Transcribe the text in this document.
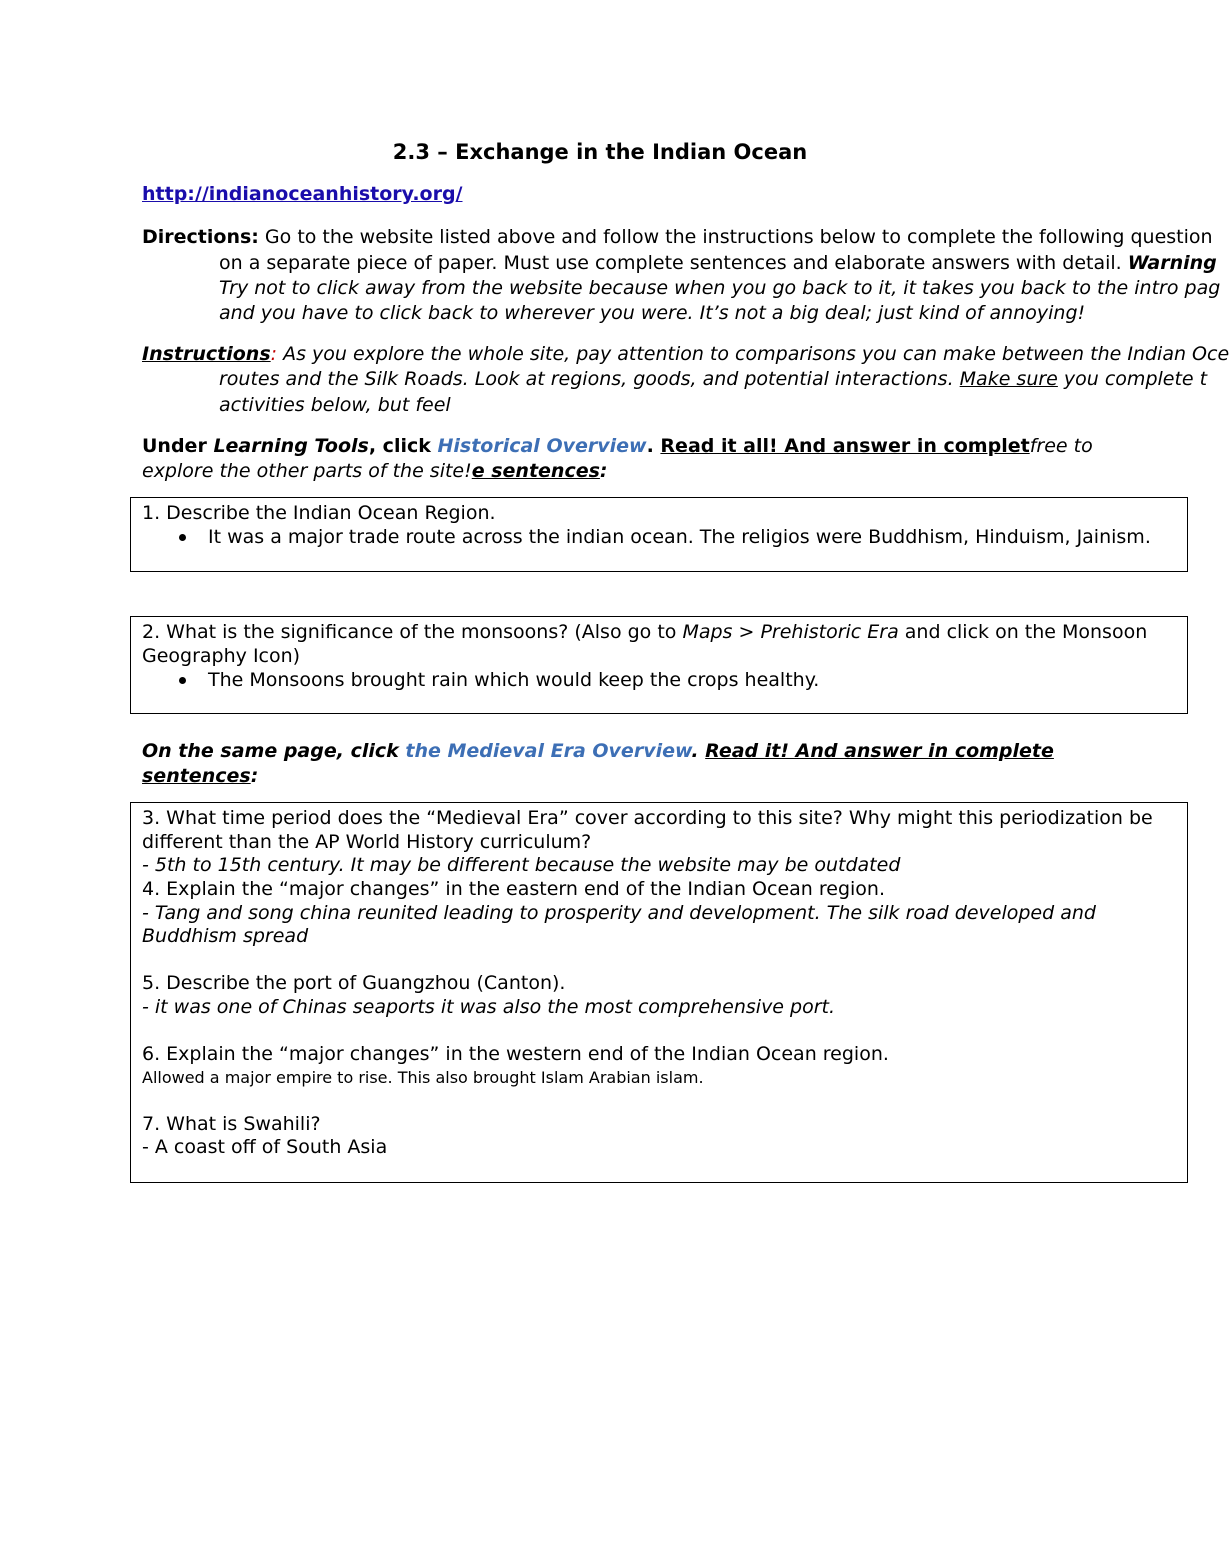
2.3 – Exchange in the Indian Ocean
http://indianoceanhistory.org/
Directions: Go to the website listed above and follow the instructions below to complete the following question
on a separate piece of paper. Must use complete sentences and elaborate answers with detail. Warning
Try not to click away from the website because when you go back to it, it takes you back to the intro pag
and you have to click back to wherever you were. It’s not a big deal; just kind of annoying!
Instructions: As you explore the whole site, pay attention to comparisons you can make between the Indian Oce
routes and the Silk Roads. Look at regions, goods, and potential interactions. Make sure you complete t
activities below, but feel
Under Learning Tools, click Historical Overview. Read it all! And answer in completfree to
explore the other parts of the site!e sentences:
1. Describe the Indian Ocean Region.
It was a major trade route across the indian ocean. The religios were Buddhism, Hinduism, Jainism.
2. What is the significance of the monsoons? (Also go to Maps > Prehistoric Era and click on the Monsoon
Geography Icon)
The Monsoons brought rain which would keep the crops healthy.
On the same page, click the Medieval Era Overview. Read it! And answer in complete
sentences:
3. What time period does the “Medieval Era” cover according to this site? Why might this periodization be
different than the AP World History curriculum?
- 5th to 15th century. It may be different because the website may be outdated
4. Explain the “major changes” in the eastern end of the Indian Ocean region.
- Tang and song china reunited leading to prosperity and development. The silk road developed and
Buddhism spread
5. Describe the port of Guangzhou (Canton).
- it was one of Chinas seaports it was also the most comprehensive port.
6. Explain the “major changes” in the western end of the Indian Ocean region.
Allowed a major empire to rise. This also brought Islam Arabian islam.
7. What is Swahili?
- A coast off of South Asia
